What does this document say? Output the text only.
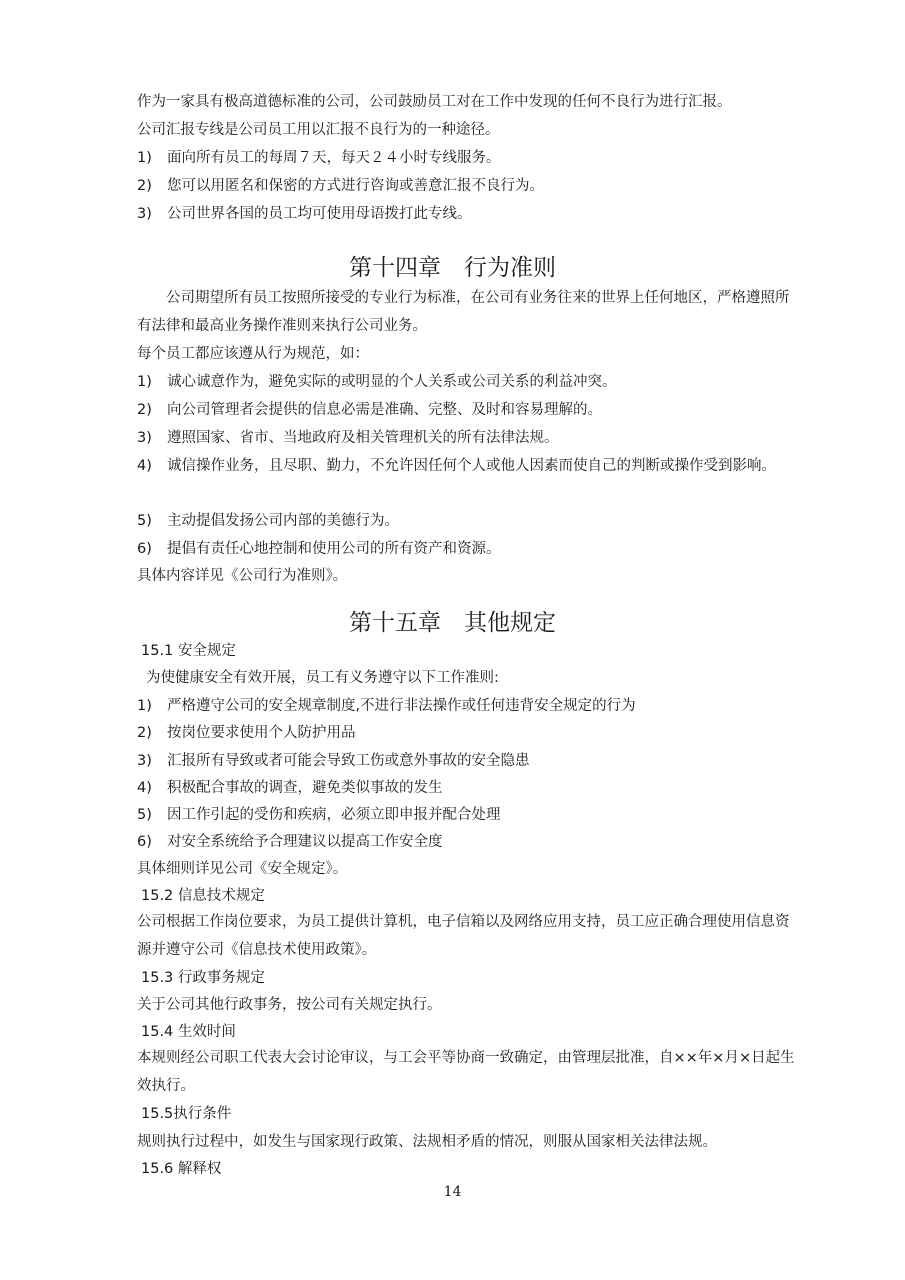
作为一家具有极高道德标准的公司，公司鼓励员工对在工作中发现的任何不良行为进行汇报。
公司汇报专线是公司员工用以汇报不良行为的一种途径。
1)	面向所有员工的每周７天，每天２４小时专线服务。
2)	您可以用匿名和保密的方式进行咨询或善意汇报不良行为。
3)	公司世界各国的员工均可使用母语拨打此专线。
第十四章　行为准则
公司期望所有员工按照所接受的专业行为标准，在公司有业务往来的世界上任何地区，严格遵照所有法律和最高业务操作准则来执行公司业务。
每个员工都应该遵从行为规范，如：
1)	诚心诚意作为，避免实际的或明显的个人关系或公司关系的利益冲突。
2)	向公司管理者会提供的信息必需是准确、完整、及时和容易理解的。
3)	遵照国家、省市、当地政府及相关管理机关的所有法律法规。
4)	诚信操作业务，且尽职、勤力，不允许因任何个人或他人因素而使自己的判断或操作受到影响。
5)	主动提倡发扬公司内部的美德行为。
6)	提倡有责任心地控制和使用公司的所有资产和资源。
具体内容详见《公司行为准则》。
第十五章　其他规定
15.1 安全规定
为使健康安全有效开展，员工有义务遵守以下工作准则:
1)	严格遵守公司的安全规章制度,不进行非法操作或任何违背安全规定的行为
2)	按岗位要求使用个人防护用品
3)	汇报所有导致或者可能会导致工伤或意外事故的安全隐患
4)	积极配合事故的调查，避免类似事故的发生
5)	因工作引起的受伤和疾病，必须立即申报并配合处理
6)	对安全系统给予合理建议以提高工作安全度
具体细则详见公司《安全规定》。
15.2 信息技术规定
公司根据工作岗位要求，为员工提供计算机，电子信箱以及网络应用支持，员工应正确合理使用信息资源并遵守公司《信息技术使用政策》。
15.3 行政事务规定
关于公司其他行政事务，按公司有关规定执行。
15.4 生效时间
本规则经公司职工代表大会讨论审议，与工会平等协商一致确定，由管理层批准，自××年×月×日起生效执行。
15.5执行条件
规则执行过程中，如发生与国家现行政策、法规相矛盾的情况，则服从国家相关法律法规。
15.6 解释权
14
